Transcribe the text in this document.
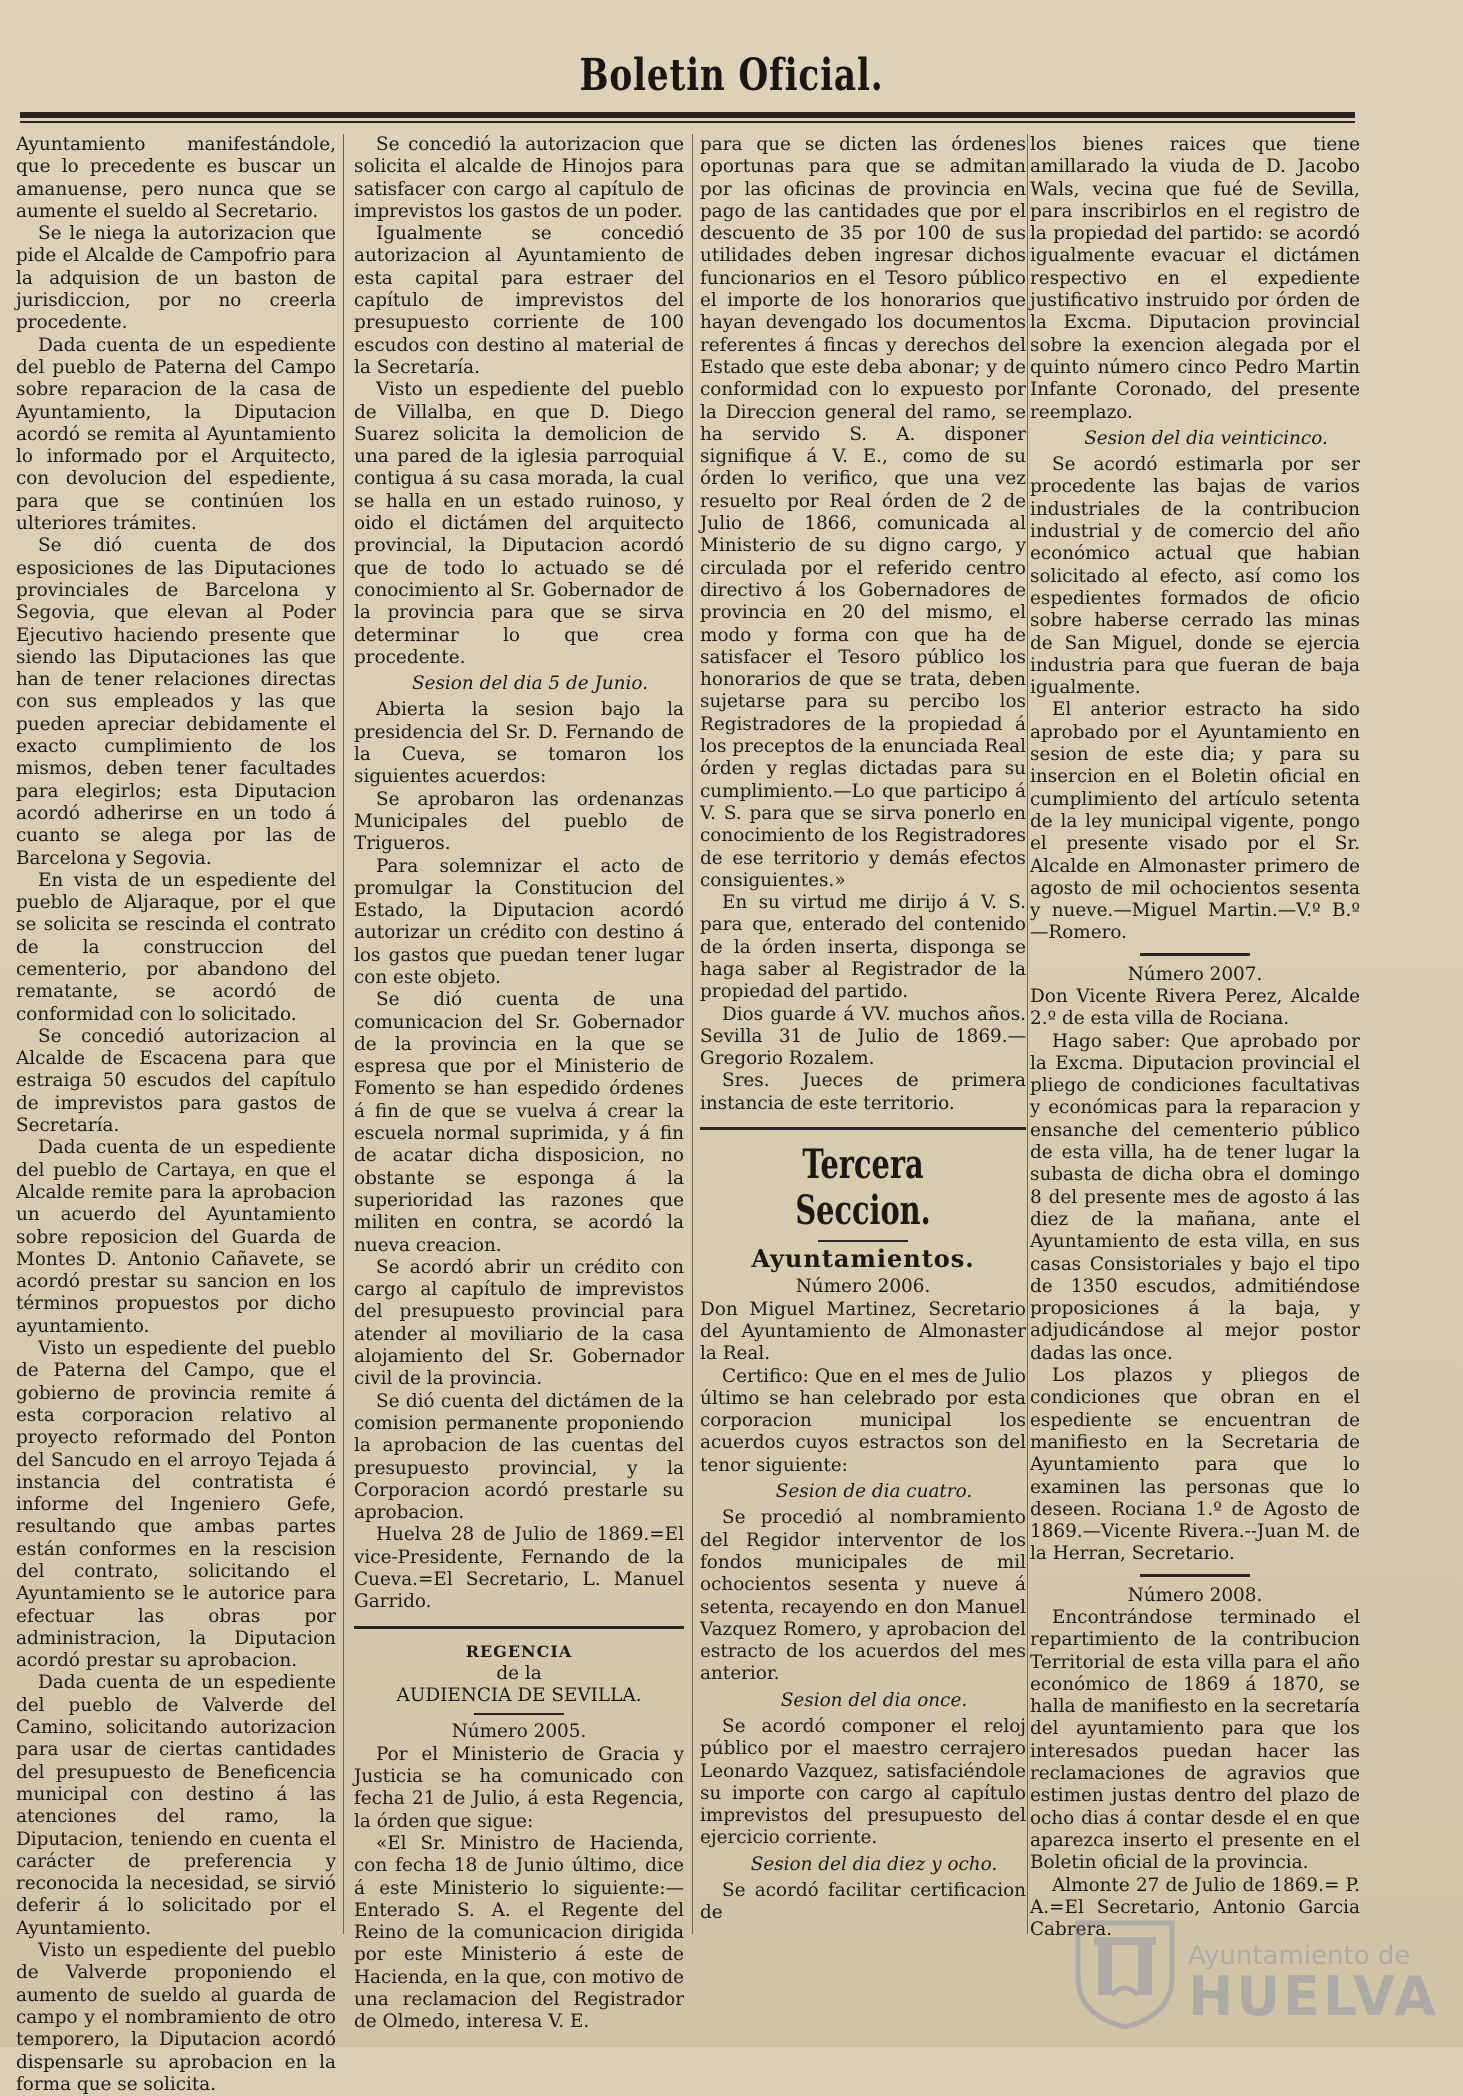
Boletin Oficial.

Ayuntamiento manifestándole, que lo precedente es buscar un amanuense, pero nunca que se aumente el sueldo al Secretario.

Se le niega la autorizacion que pide el Alcalde de Campofrio para la adquision de un baston de jurisdiccion, por no creerla procedente.

Dada cuenta de un espediente del pueblo de Paterna del Campo sobre reparacion de la casa de Ayuntamiento, la Diputacion acordó se remita al Ayuntamiento lo informado por el Arquitecto, con devolucion del espediente, para que se continúen los ulteriores trámites.

Se dió cuenta de dos esposiciones de las Diputaciones provinciales de Barcelona y Segovia, que elevan al Poder Ejecutivo haciendo presente que siendo las Diputaciones las que han de tener relaciones directas con sus empleados y las que pueden apreciar debidamente el exacto cumplimiento de los mismos, deben tener facultades para elegirlos; esta Diputacion acordó adherirse en un todo á cuanto se alega por las de Barcelona y Segovia.

En vista de un espediente del pueblo de Aljaraque, por el que se solicita se rescinda el contrato de la construccion del cementerio, por abandono del rematante, se acordó de conformidad con lo solicitado.

Se concedió autorizacion al Alcalde de Escacena para que estraiga 50 escudos del capítulo de imprevistos para gastos de Secretaría.

Dada cuenta de un espediente del pueblo de Cartaya, en que el Alcalde remite para la aprobacion un acuerdo del Ayuntamiento sobre reposicion del Guarda de Montes D. Antonio Cañavete, se acordó prestar su sancion en los términos propuestos por dicho ayuntamiento.

Visto un espediente del pueblo de Paterna del Campo, que el gobierno de provincia remite á esta corporacion relativo al proyecto reformado del Ponton del Sancudo en el arroyo Tejada á instancia del contratista é informe del Ingeniero Gefe, resultando que ambas partes están conformes en la rescision del contrato, solicitando el Ayuntamiento se le autorice para efectuar las obras por administracion, la Diputacion acordó prestar su aprobacion.

Dada cuenta de un espediente del pueblo de Valverde del Camino, solicitando autorizacion para usar de ciertas cantidades del presupuesto de Beneficencia municipal con destino á las atenciones del ramo, la Diputacion, teniendo en cuenta el carácter de preferencia y reconocida la necesidad, se sirvió deferir á lo solicitado por el Ayuntamiento.

Visto un espediente del pueblo de Valverde proponiendo el aumento de sueldo al guarda de campo y el nombramiento de otro temporero, la Diputacion acordó dispensarle su aprobacion en la forma que se solicita.

Se concedió la autorizacion que solicita el alcalde de Hinojos para satisfacer con cargo al capítulo de imprevistos los gastos de un poder.

Igualmente se concedió autorizacion al Ayuntamiento de esta capital para estraer del capítulo de imprevistos del presupuesto corriente de 100 escudos con destino al material de la Secretaría.

Visto un espediente del pueblo de Villalba, en que D. Diego Suarez solicita la demolicion de una pared de la iglesia parroquial contigua á su casa morada, la cual se halla en un estado ruinoso, y oido el dictámen del arquitecto provincial, la Diputacion acordó que de todo lo actuado se dé conocimiento al Sr. Gobernador de la provincia para que se sirva determinar lo que crea procedente.

Sesion del dia 5 de Junio.

Abierta la sesion bajo la presidencia del Sr. D. Fernando de la Cueva, se tomaron los siguientes acuerdos:

Se aprobaron las ordenanzas Municipales del pueblo de Trigueros.

Para solemnizar el acto de promulgar la Constitucion del Estado, la Diputacion acordó autorizar un crédito con destino á los gastos que puedan tener lugar con este objeto.

Se dió cuenta de una comunicacion del Sr. Gobernador de la provincia en la que se espresa que por el Ministerio de Fomento se han espedido órdenes á fin de que se vuelva á crear la escuela normal suprimida, y á fin de acatar dicha disposicion, no obstante se esponga á la superioridad las razones que militen en contra, se acordó la nueva creacion.

Se acordó abrir un crédito con cargo al capítulo de imprevistos del presupuesto provincial para atender al moviliario de la casa alojamiento del Sr. Gobernador civil de la provincia.

Se dió cuenta del dictámen de la comision permanente proponiendo la aprobacion de las cuentas del presupuesto provincial, y la Corporacion acordó prestarle su aprobacion.

Huelva 28 de Julio de 1869.=El vice-Presidente, Fernando de la Cueva.=El Secretario, L. Manuel Garrido.

REGENCIA
de la
AUDIENCIA DE SEVILLA.
Número 2005.

Por el Ministerio de Gracia y Justicia se ha comunicado con fecha 21 de Julio, á esta Regencia, la órden que sigue:

«El Sr. Ministro de Hacienda, con fecha 18 de Junio último, dice á este Ministerio lo siguiente:—Enterado S. A. el Regente del Reino de la comunicacion dirigida por este Ministerio á este de Hacienda, en la que, con motivo de una reclamacion del Registrador de Olmedo, interesa V. E.

para que se dicten las órdenes oportunas para que se admitan por las oficinas de provincia en pago de las cantidades que por el descuento de 35 por 100 de sus utilidades deben ingresar dichos funcionarios en el Tesoro público el importe de los honorarios que hayan devengado los documentos referentes á fincas y derechos del Estado que este deba abonar; y de conformidad con lo expuesto por la Direccion general del ramo, se ha servido S. A. disponer signifique á V. E., como de su órden lo verifico, que una vez resuelto por Real órden de 2 de Julio de 1866, comunicada al Ministerio de su digno cargo, y circulada por el referido centro directivo á los Gobernadores de provincia en 20 del mismo, el modo y forma con que ha de satisfacer el Tesoro público los honorarios de que se trata, deben sujetarse para su percibo los Registradores de la propiedad á los preceptos de la enunciada Real órden y reglas dictadas para su cumplimiento.—Lo que participo á V. S. para que se sirva ponerlo en conocimiento de los Registradores de ese territorio y demás efectos consiguientes.»

En su virtud me dirijo á V. S. para que, enterado del contenido de la órden inserta, disponga se haga saber al Registrador de la propiedad del partido.

Dios guarde á VV. muchos años. Sevilla 31 de Julio de 1869.—Gregorio Rozalem.

Sres. Jueces de primera instancia de este territorio.

Tercera Seccion.
Ayuntamientos.
Número 2006.

Don Miguel Martinez, Secretario del Ayuntamiento de Almonaster la Real.

Certifico: Que en el mes de Julio último se han celebrado por esta corporacion municipal los acuerdos cuyos estractos son del tenor siguiente:

Sesion de dia cuatro.

Se procedió al nombramiento del Regidor interventor de los fondos municipales de mil ochocientos sesenta y nueve á setenta, recayendo en don Manuel Vazquez Romero, y aprobacion del estracto de los acuerdos del mes anterior.

Sesion del dia once.

Se acordó componer el reloj público por el maestro cerrajero Leonardo Vazquez, satisfaciéndole su importe con cargo al capítulo imprevistos del presupuesto del ejercicio corriente.

Sesion del dia diez y ocho.

Se acordó facilitar certificacion de

los bienes raices que tiene amillarado la viuda de D. Jacobo Wals, vecina que fué de Sevilla, para inscribirlos en el registro de la propiedad del partido: se acordó igualmente evacuar el dictámen respectivo en el expediente justificativo instruido por órden de la Excma. Diputacion provincial sobre la exencion alegada por el quinto número cinco Pedro Martin Infante Coronado, del presente reemplazo.

Sesion del dia veinticinco.

Se acordó estimarla por ser procedente las bajas de varios industriales de la contribucion industrial y de comercio del año económico actual que habian solicitado al efecto, así como los espedientes formados de oficio sobre haberse cerrado las minas de San Miguel, donde se ejercia industria para que fueran de baja igualmente.

El anterior estracto ha sido aprobado por el Ayuntamiento en sesion de este dia; y para su insercion en el Boletin oficial en cumplimiento del artículo setenta de la ley municipal vigente, pongo el presente visado por el Sr. Alcalde en Almonaster primero de agosto de mil ochocientos sesenta y nueve.—Miguel Martin.—V.º B.º—Romero.

Número 2007.

Don Vicente Rivera Perez, Alcalde 2.º de esta villa de Rociana.

Hago saber: Que aprobado por la Excma. Diputacion provincial el pliego de condiciones facultativas y económicas para la reparacion y ensanche del cementerio público de esta villa, ha de tener lugar la subasta de dicha obra el domingo 8 del presente mes de agosto á las diez de la mañana, ante el Ayuntamiento de esta villa, en sus casas Consistoriales y bajo el tipo de 1350 escudos, admitiéndose proposiciones á la baja, y adjudicándose al mejor postor dadas las once.

Los plazos y pliegos de condiciones que obran en el espediente se encuentran de manifiesto en la Secretaria de Ayuntamiento para que lo examinen las personas que lo deseen. Rociana 1.º de Agosto de 1869.—Vicente Rivera.--Juan M. de la Herran, Secretario.

Número 2008.

Encontrándose terminado el repartimiento de la contribucion Territorial de esta villa para el año económico de 1869 á 1870, se halla de manifiesto en la secretaría del ayuntamiento para que los interesados puedan hacer las reclamaciones de agravios que estimen justas dentro del plazo de ocho dias á contar desde el en que aparezca inserto el presente en el Boletin oficial de la provincia.

Almonte 27 de Julio de 1869.= P. A.=El Secretario, Antonio Garcia Cabrera.

Ayuntamiento de
HUELVA
